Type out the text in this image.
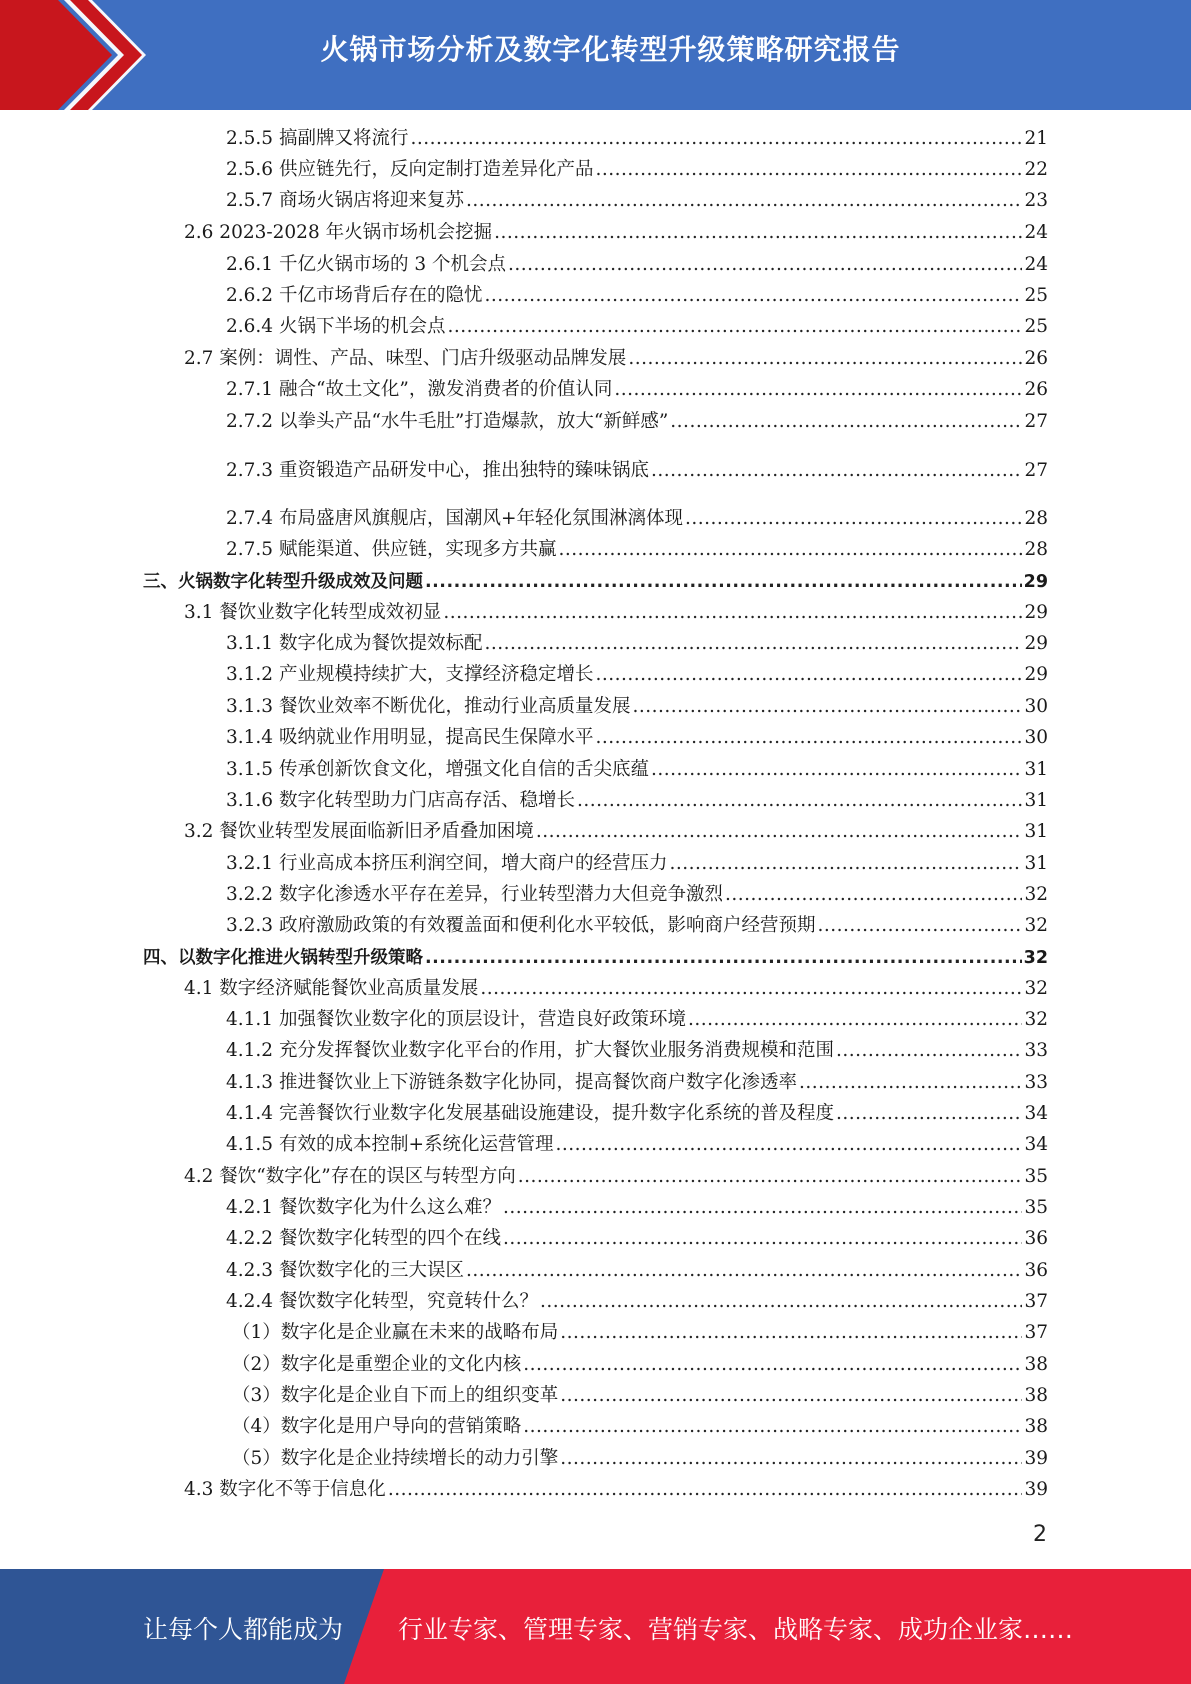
火锅市场分析及数字化转型升级策略研究报告
2.5.5 搞副牌又将流行 .....	21
2.5.6 供应链先行，反向定制打造差异化产品 .....	22
2.5.7 商场火锅店将迎来复苏 .....	23
2.6 2023-2028 年火锅市场机会挖掘 .....	24
2.6.1 千亿火锅市场的 3 个机会点 .....	24
2.6.2 千亿市场背后存在的隐忧 .....	25
2.6.4 火锅下半场的机会点 .....	25
2.7 案例：调性、产品、味型、门店升级驱动品牌发展 .....	26
2.7.1 融合“故土文化”，激发消费者的价值认同 .....	26
2.7.2 以拳头产品“水牛毛肚”打造爆款，放大“新鲜感” .....	27
2.7.3 重资锻造产品研发中心，推出独特的臻味锅底 .....	27
2.7.4 布局盛唐风旗舰店，国潮风+年轻化氛围淋漓体现 .....	28
2.7.5 赋能渠道、供应链，实现多方共赢 .....	28
三、火锅数字化转型升级成效及问题 .....	29
3.1 餐饮业数字化转型成效初显 .....	29
3.1.1 数字化成为餐饮提效标配 .....	29
3.1.2 产业规模持续扩大，支撑经济稳定增长 .....	29
3.1.3 餐饮业效率不断优化，推动行业高质量发展 .....	30
3.1.4 吸纳就业作用明显，提高民生保障水平 .....	30
3.1.5 传承创新饮食文化，增强文化自信的舌尖底蕴 .....	31
3.1.6 数字化转型助力门店高存活、稳增长 .....	31
3.2 餐饮业转型发展面临新旧矛盾叠加困境 .....	31
3.2.1 行业高成本挤压利润空间，增大商户的经营压力 .....	31
3.2.2 数字化渗透水平存在差异，行业转型潜力大但竞争激烈 .....	32
3.2.3 政府激励政策的有效覆盖面和便利化水平较低，影响商户经营预期 .....	32
四、以数字化推进火锅转型升级策略 .....	32
4.1 数字经济赋能餐饮业高质量发展 .....	32
4.1.1 加强餐饮业数字化的顶层设计，营造良好政策环境 .....	32
4.1.2 充分发挥餐饮业数字化平台的作用，扩大餐饮业服务消费规模和范围 .....	33
4.1.3 推进餐饮业上下游链条数字化协同，提高餐饮商户数字化渗透率 .....	33
4.1.4 完善餐饮行业数字化发展基础设施建设，提升数字化系统的普及程度 .....	34
4.1.5 有效的成本控制+系统化运营管理 .....	34
4.2 餐饮“数字化”存在的误区与转型方向 .....	35
4.2.1 餐饮数字化为什么这么难？ .....	35
4.2.2 餐饮数字化转型的四个在线 .....	36
4.2.3 餐饮数字化的三大误区 .....	36
4.2.4 餐饮数字化转型，究竟转什么？ .....	37
（1）数字化是企业赢在未来的战略布局 .....	37
（2）数字化是重塑企业的文化内核 .....	38
（3）数字化是企业自下而上的组织变革 .....	38
（4）数字化是用户导向的营销策略 .....	38
（5）数字化是企业持续增长的动力引擎 .....	39
4.3 数字化不等于信息化 .....	39
2
让每个人都能成为 行业专家、管理专家、营销专家、战略专家、成功企业家……
